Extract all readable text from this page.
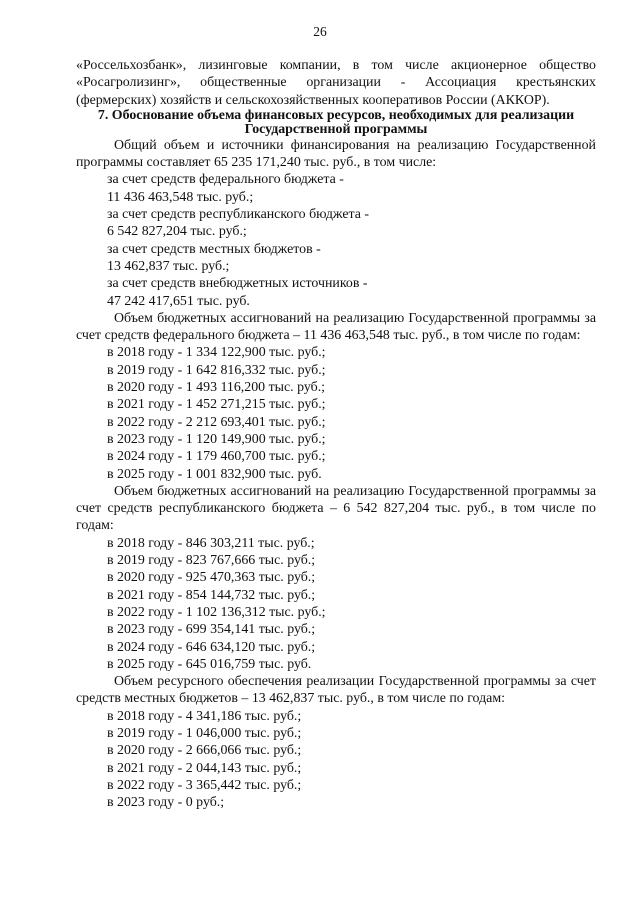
26

«Россельхозбанк», лизинговые компании, в том числе акционерное общество «Росагролизинг», общественные организации - Ассоциация крестьянских (фермерских) хозяйств и сельскохозяйственных кооперативов России (АККОР).

7. Обоснование объема финансовых ресурсов, необходимых для реализации Государственной программы

Общий объем и источники финансирования на реализацию Государственной программы составляет 65 235 171,240 тыс. руб., в том числе:

за счет средств федерального бюджета -

11 436 463,548 тыс. руб.;

за счет средств республиканского бюджета -

6 542 827,204 тыс. руб.;

за счет средств местных бюджетов -

13 462,837 тыс. руб.;

за счет средств внебюджетных источников -

47 242 417,651 тыс. руб.

Объем бюджетных ассигнований на реализацию Государственной программы за счет средств федерального бюджета – 11 436 463,548 тыс. руб., в том числе по годам:

в 2018 году - 1 334 122,900 тыс. руб.;

в 2019 году - 1 642 816,332 тыс. руб.;

в 2020 году - 1 493 116,200 тыс. руб.;

в 2021 году - 1 452 271,215 тыс. руб.;

в 2022 году - 2 212 693,401 тыс. руб.;

в 2023 году - 1 120 149,900 тыс. руб.;

в 2024 году - 1 179 460,700 тыс. руб.;

в 2025 году - 1 001 832,900 тыс. руб.

Объем бюджетных ассигнований на реализацию Государственной программы за счет средств республиканского бюджета – 6 542 827,204 тыс. руб., в том числе по годам:

в 2018 году - 846 303,211 тыс. руб.;

в 2019 году - 823 767,666 тыс. руб.;

в 2020 году - 925 470,363 тыс. руб.;

в 2021 году - 854 144,732 тыс. руб.;

в 2022 году - 1 102 136,312 тыс. руб.;

в 2023 году - 699 354,141 тыс. руб.;

в 2024 году - 646 634,120 тыс. руб.;

в 2025 году - 645 016,759 тыс. руб.

Объем ресурсного обеспечения реализации Государственной программы за счет средств местных бюджетов – 13 462,837 тыс. руб., в том числе по годам:

в 2018 году - 4 341,186 тыс. руб.;

в 2019 году - 1 046,000 тыс. руб.;

в 2020 году - 2 666,066 тыс. руб.;

в 2021 году - 2 044,143 тыс. руб.;

в 2022 году - 3 365,442 тыс. руб.;

в 2023 году - 0 руб.;
